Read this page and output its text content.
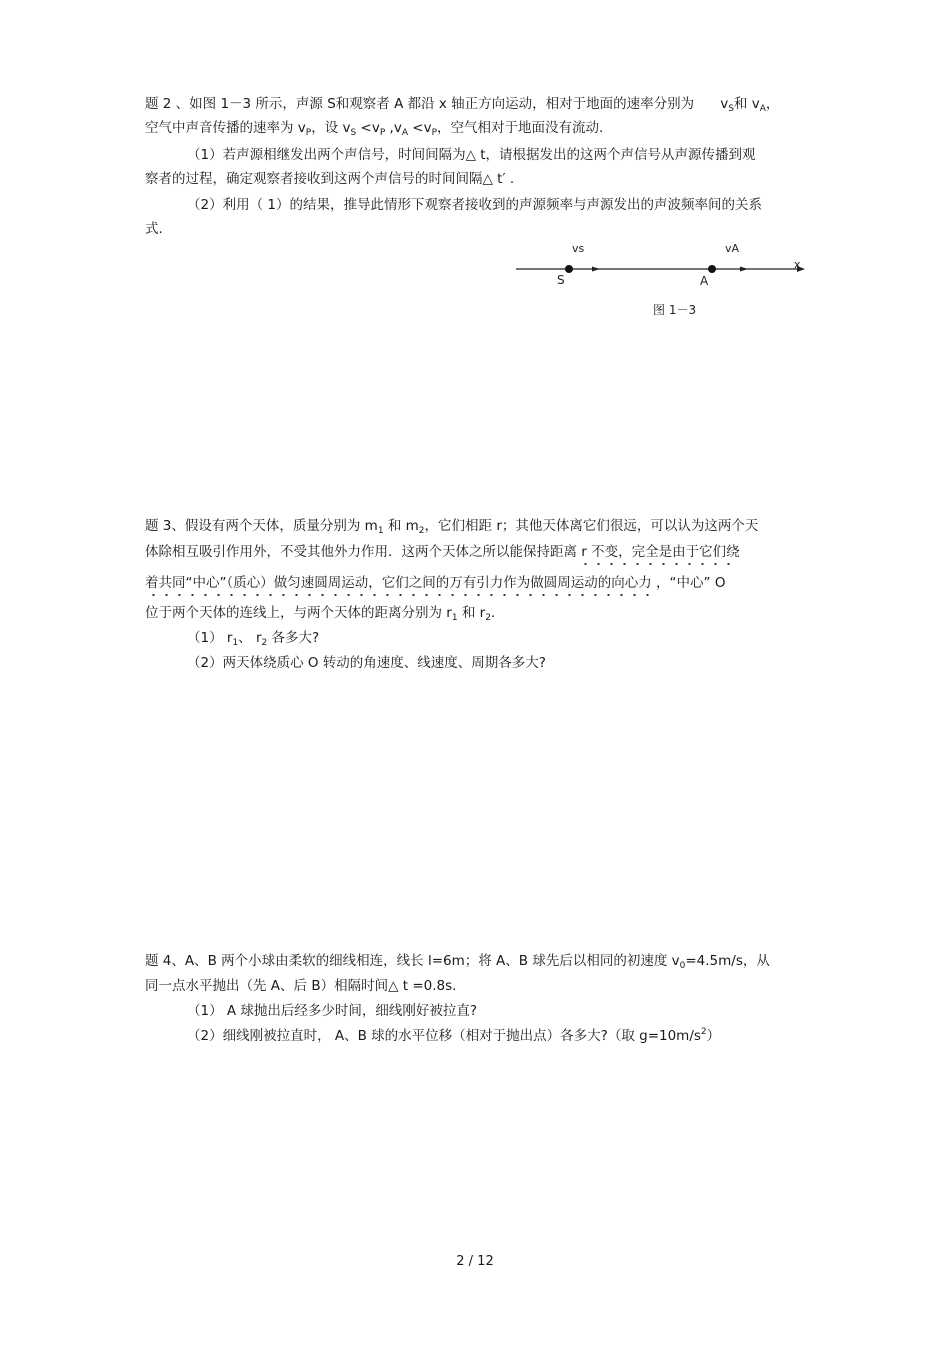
题 2 、如图 1－3 所示，声源 S和观察者 A 都沿 x 轴正方向运动，相对于地面的速率分别为 $v_S$和 $v_A$，
空气中声音传播的速率为 $v_P$，设 $v_S <v_P$ $,v_A <v_P$，空气相对于地面没有流动.
（1）若声源相继发出两个声信号，时间间隔为△ t，请根据发出的这两个声信号从声源传播到观
察者的过程，确定观察者接收到这两个声信号的时间间隔△ t′ .
（2）利用（ 1）的结果，推导此情形下观察者接收到的声源频率与声源发出的声波频率间的关系
式.
vs	vA
x
S	A
图 1－3
题 3、假设有两个天体，质量分别为 $m_1$ 和 $m_2$，它们相距 r；其他天体离它们很远，可以认为这两个天
体除相互吸引作用外，不受其他外力作用．这两个天体之所以能保持距离 r 不变，完全是由于它们绕
着共同“中心”（质心）做匀速圆周运动，它们之间的万有引力作为做圆周运动的向心力 ，“中心” O
位于两个天体的连线上，与两个天体的距离分别为 $r_1$ 和 $r_2$.
（1） $r_1$、 $r_2$ 各多大?
（2）两天体绕质心 O 转动的角速度、线速度、周期各多大?
题 4、A、B 两个小球由柔软的细线相连，线长 l=6m；将 A、B 球先后以相同的初速度 $v_0=4.5m/s$，从
同一点水平抛出（先 A、后 B）相隔时间△ t =0.8s.
（1） A 球抛出后经多少时间，细线刚好被拉直?
（2）细线刚被拉直时， A、B 球的水平位移（相对于抛出点）各多大?（取 $g=10m/s^2$）
2 / 12
